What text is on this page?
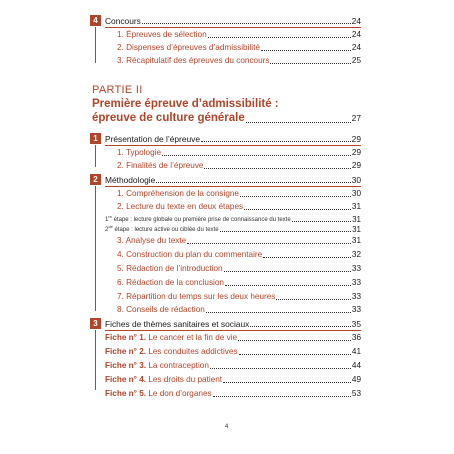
4 Concours	24
1. Épreuves de sélection	24
2. Dispenses d’épreuves d’admissibilité	24
3. Récapitulatif des épreuves du concours	25
PARTIE II
Première épreuve d’admissibilité :
épreuve de culture générale	27
1 Présentation de l’épreuve	29
1. Typologie	29
2. Finalités de l’épreuve	29
2 Méthodologie	30
1. Compréhension de la consigne	30
2. Lecture du texte en deux étapes	31
1re étape : lecture globale ou première prise de connaissance du texte	31
2de étape : lecture active ou ciblée du texte	31
3. Analyse du texte	31
4. Construction du plan du commentaire	32
5. Rédaction de l’introduction	33
6. Rédaction de la conclusion	33
7. Répartition du temps sur les deux heures	33
8. Conseils de rédaction	33
3 Fiches de thèmes sanitaires et sociaux	35
Fiche n° 1. Le cancer et la fin de vie	36
Fiche n° 2. Les conduites addictives	41
Fiche n° 3. La contraception	44
Fiche n° 4. Les droits du patient	49
Fiche n° 5. Le don d’organes	53
4
